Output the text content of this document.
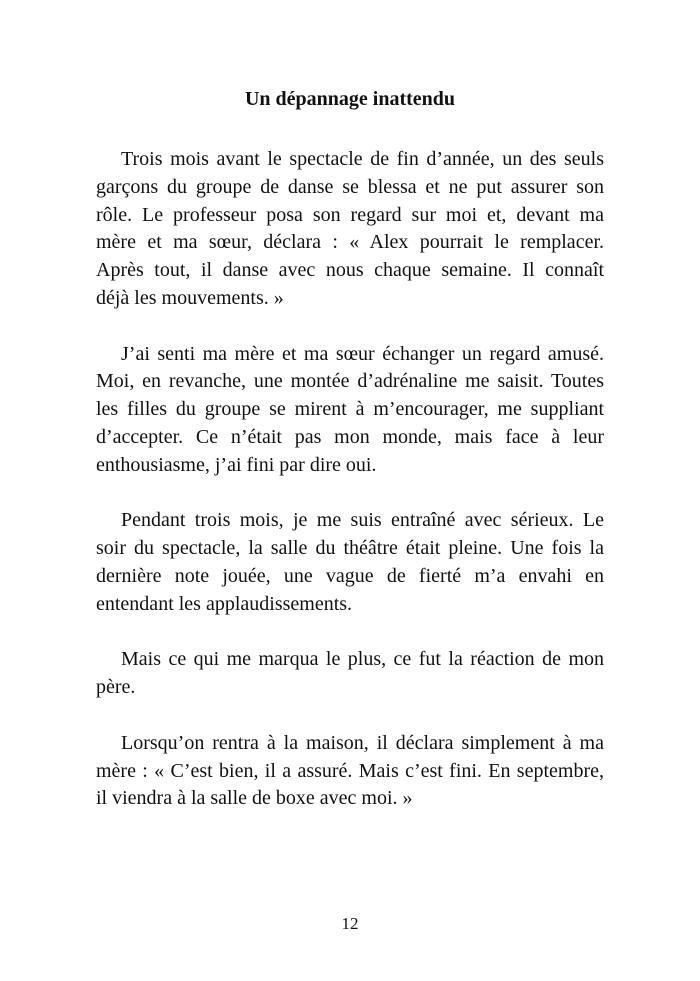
Un dépannage inattendu
Trois mois avant le spectacle de fin d’année, un des seuls
garçons du groupe de danse se blessa et ne put assurer son
rôle. Le professeur posa son regard sur moi et, devant ma
mère et ma sœur, déclara : « Alex pourrait le remplacer.
Après tout, il danse avec nous chaque semaine. Il connaît
déjà les mouvements. »
J’ai senti ma mère et ma sœur échanger un regard amusé.
Moi, en revanche, une montée d’adrénaline me saisit. Toutes
les filles du groupe se mirent à m’encourager, me suppliant
d’accepter. Ce n’était pas mon monde, mais face à leur
enthousiasme, j’ai fini par dire oui.
Pendant trois mois, je me suis entraîné avec sérieux. Le
soir du spectacle, la salle du théâtre était pleine. Une fois la
dernière note jouée, une vague de fierté m’a envahi en
entendant les applaudissements.
Mais ce qui me marqua le plus, ce fut la réaction de mon
père.
Lorsqu’on rentra à la maison, il déclara simplement à ma
mère : « C’est bien, il a assuré. Mais c’est fini. En septembre,
il viendra à la salle de boxe avec moi. »
12
